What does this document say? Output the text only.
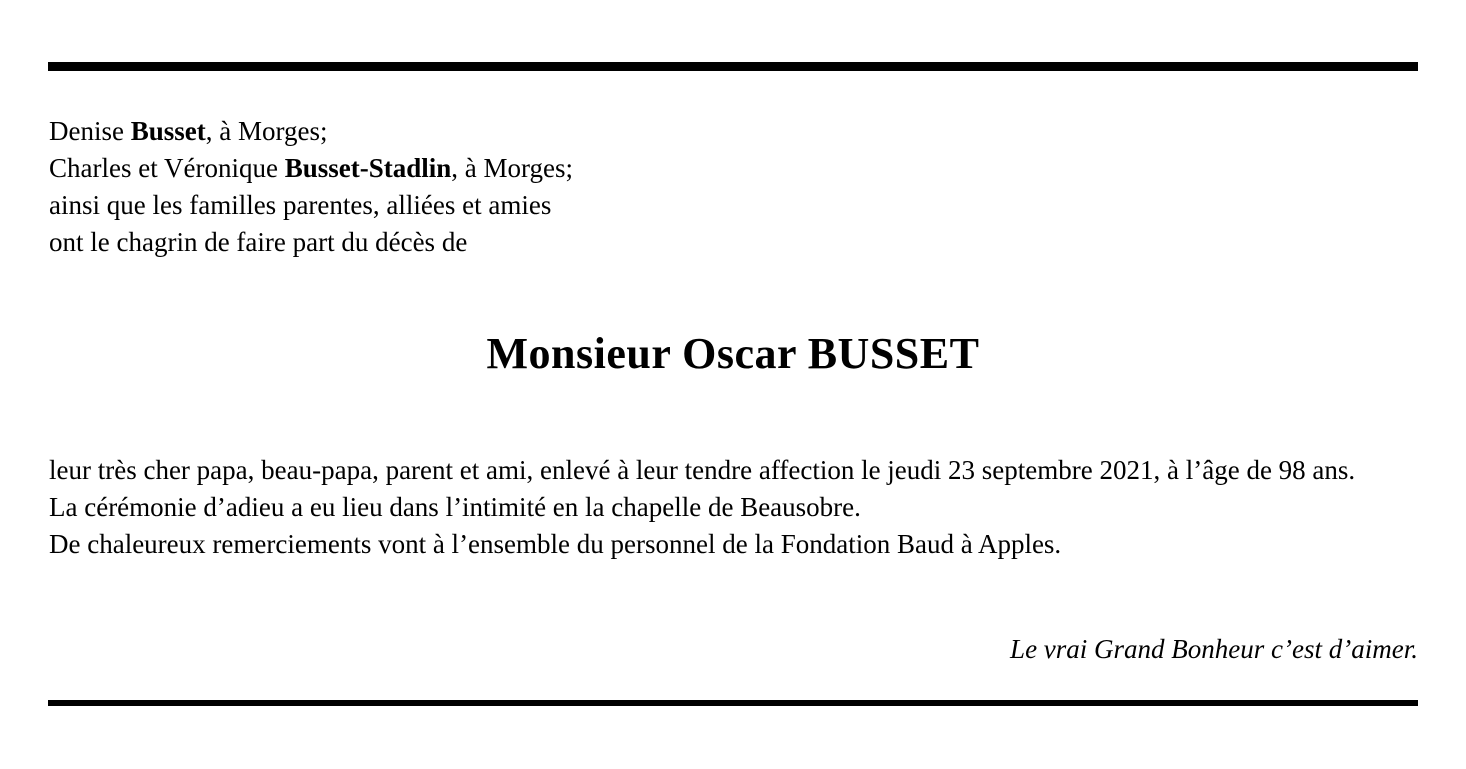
Denise Busset, à Morges;
Charles et Véronique Busset-Stadlin, à Morges;
ainsi que les familles parentes, alliées et amies
ont le chagrin de faire part du décès de
Monsieur Oscar BUSSET

leur très cher papa, beau-papa, parent et ami, enlevé à leur tendre affection le jeudi 23 septembre 2021, à l’âge de 98 ans.

La cérémonie d’adieu a eu lieu dans l’intimité en la chapelle de Beausobre.

De chaleureux remerciements vont à l’ensemble du personnel de la Fondation Baud à Apples.

Le vrai Grand Bonheur c’est d’aimer.
